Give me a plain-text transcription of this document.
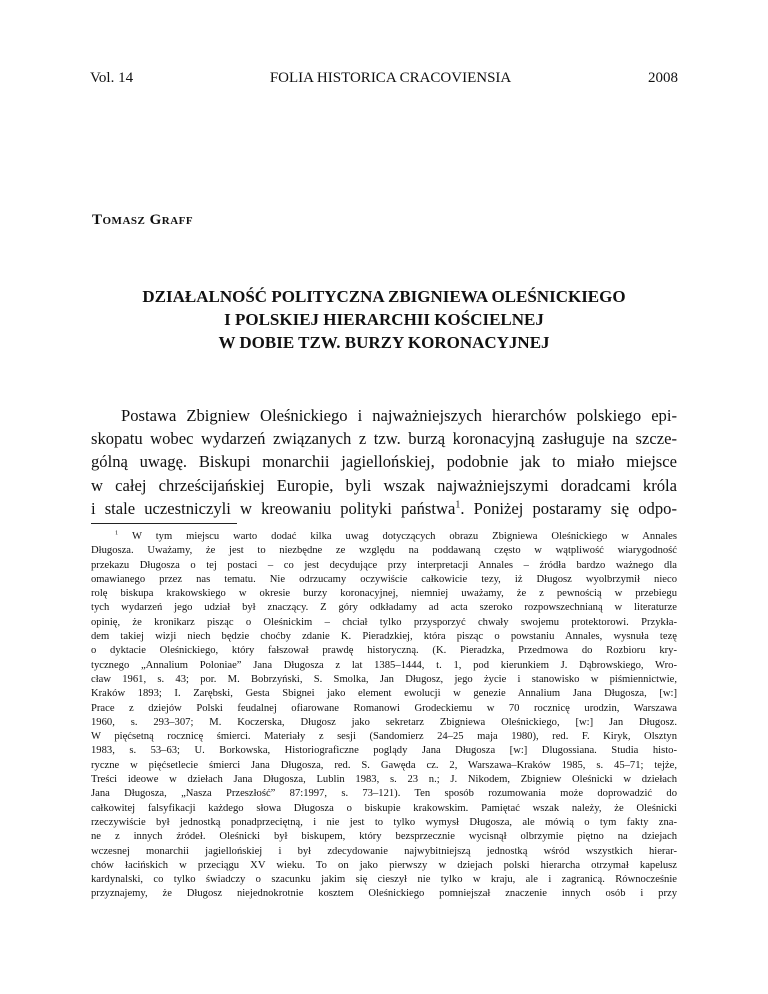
Vol. 14	FOLIA HISTORICA CRACOVIENSIA	2008
Tomasz Graff
DZIAŁALNOŚĆ POLITYCZNA ZBIGNIEWA OLEŚNICKIEGO
I POLSKIEJ HIERARCHII KOŚCIELNEJ
W DOBIE TZW. BURZY KORONACYJNEJ
Postawa Zbigniew Oleśnickiego i najważniejszych hierarchów polskiego epi-
skopatu wobec wydarzeń związanych z tzw. burzą koronacyjną zasługuje na szcze-
gólną uwagę. Biskupi monarchii jagiellońskiej, podobnie jak to miało miejsce
w całej chrześcijańskiej Europie, byli wszak najważniejszymi doradcami króla
i stale uczestniczyli w kreowaniu polityki państwa$^1$. Poniżej postaramy się odpo-
$^1$ W tym miejscu warto dodać kilka uwag dotyczących obrazu Zbigniewa Oleśnickiego w Annales
Długosza. Uważamy, że jest to niezbędne ze względu na poddawaną często w wątpliwość wiarygodność
przekazu Długosza o tej postaci – co jest decydujące przy interpretacji Annales – źródła bardzo ważnego dla
omawianego przez nas tematu. Nie odrzucamy oczywiście całkowicie tezy, iż Długosz wyolbrzymił nieco
rolę biskupa krakowskiego w okresie burzy koronacyjnej, niemniej uważamy, że z pewnością w przebiegu
tych wydarzeń jego udział był znaczący. Z góry odkładamy ad acta szeroko rozpowszechnianą w literaturze
opinię, że kronikarz pisząc o Oleśnickim – chciał tylko przysporzyć chwały swojemu protektorowi. Przykła-
dem takiej wizji niech będzie choćby zdanie K. Pieradzkiej, która pisząc o powstaniu Annales, wysnuła tezę
o dyktacie Oleśnickiego, który fałszował prawdę historyczną. (K. Pieradzka, Przedmowa do Rozbioru kry-
tycznego „Annalium Poloniae” Jana Długosza z lat 1385–1444, t. 1, pod kierunkiem J. Dąbrowskiego, Wro-
cław 1961, s. 43; por. M. Bobrzyński, S. Smolka, Jan Długosz, jego życie i stanowisko w piśmiennictwie,
Kraków 1893; I. Zarębski, Gesta Sbignei jako element ewolucji w genezie Annalium Jana Długosza, [w:]
Prace z dziejów Polski feudalnej ofiarowane Romanowi Grodeckiemu w 70 rocznicę urodzin, Warszawa
1960, s. 293–307; M. Koczerska, Długosz jako sekretarz Zbigniewa Oleśnickiego, [w:] Jan Długosz.
W pięćsetną rocznicę śmierci. Materiały z sesji (Sandomierz 24–25 maja 1980), red. F. Kiryk, Olsztyn
1983, s. 53–63; U. Borkowska, Historiograficzne poglądy Jana Długosza [w:] Dlugossiana. Studia histo-
ryczne w pięćsetlecie śmierci Jana Długosza, red. S. Gawęda cz. 2, Warszawa–Kraków 1985, s. 45–71; tejże,
Treści ideowe w dziełach Jana Długosza, Lublin 1983, s. 23 n.; J. Nikodem, Zbigniew Oleśnicki w dziełach
Jana Długosza, „Nasza Przeszłość” 87:1997, s. 73–121). Ten sposób rozumowania może doprowadzić do
całkowitej falsyfikacji każdego słowa Długosza o biskupie krakowskim. Pamiętać wszak należy, że Oleśnicki
rzeczywiście był jednostką ponadprzeciętną, i nie jest to tylko wymysł Długosza, ale mówią o tym fakty zna-
ne z innych źródeł. Oleśnicki był biskupem, który bezsprzecznie wycisnął olbrzymie piętno na dziejach
wczesnej monarchii jagiellońskiej i był zdecydowanie najwybitniejszą jednostką wśród wszystkich hierar-
chów łacińskich w przeciągu XV wieku. To on jako pierwszy w dziejach polski hierarcha otrzymał kapelusz
kardynalski, co tylko świadczy o szacunku jakim się cieszył nie tylko w kraju, ale i zagranicą. Równocześnie
przyznajemy, że Długosz niejednokrotnie kosztem Oleśnickiego pomniejszał znaczenie innych osób i przy
